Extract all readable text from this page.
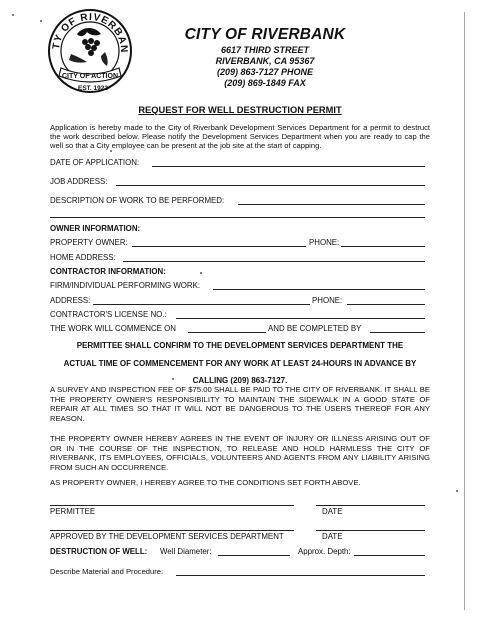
TY OF RIVERBAN
CITY OF ACTION
EST. 1922
CITY OF RIVERBANK
6617 THIRD STREET
RIVERBANK, CA 95367
(209) 863-7127 PHONE
(209) 869-1849 FAX
REQUEST FOR WELL DESTRUCTION PERMIT
Application is hereby made to the City of Riverbank Development Services Department for a permit to destruct the work described below. Please notify the Development Services Department when you are ready to cap the well so that a City employee can be present at the job site at the start of capping.
DATE OF APPLICATION:
JOB ADDRESS:
DESCRIPTION OF WORK TO BE PERFORMED:
OWNER INFORMATION:
PROPERTY OWNER:	PHONE:
HOME ADDRESS:
CONTRACTOR INFORMATION:
FIRM/INDIVIDUAL PERFORMING WORK:
ADDRESS:	PHONE:
CONTRACTOR'S LICENSE NO.:
THE WORK WILL COMMENCE ON	AND BE COMPLETED BY
PERMITTEE SHALL CONFIRM TO THE DEVELOPMENT SERVICES DEPARTMENT THE
ACTUAL TIME OF COMMENCEMENT FOR ANY WORK AT LEAST 24-HOURS IN ADVANCE BY
CALLING (209) 863-7127.
A SURVEY AND INSPECTION FEE OF $75.00 SHALL BE PAID TO THE CITY OF RIVERBANK. IT SHALL BE THE PROPERTY OWNER'S RESPONSIBILITY TO MAINTAIN THE SIDEWALK IN A GOOD STATE OF REPAIR AT ALL TIMES SO THAT IT WILL NOT BE DANGEROUS TO THE USERS THEREOF FOR ANY REASON.
THE PROPERTY OWNER HEREBY AGREES IN THE EVENT OF INJURY OR ILLNESS ARISING OUT OF OR IN THE COURSE OF THE INSPECTION, TO RELEASE AND HOLD HARMLESS THE CITY OF RIVERBANK, ITS EMPLOYEES, OFFICIALS, VOLUNTEERS AND AGENTS FROM ANY LIABILITY ARISING FROM SUCH AN OCCURRENCE.
AS PROPERTY OWNER, I HEREBY AGREE TO THE CONDITIONS SET FORTH ABOVE.
PERMITTEE	DATE
APPROVED BY THE DEVELOPMENT SERVICES DEPARTMENT	DATE
DESTRUCTION OF WELL: Well Diameter:	Approx. Depth:
Describe Material and Procedure:
